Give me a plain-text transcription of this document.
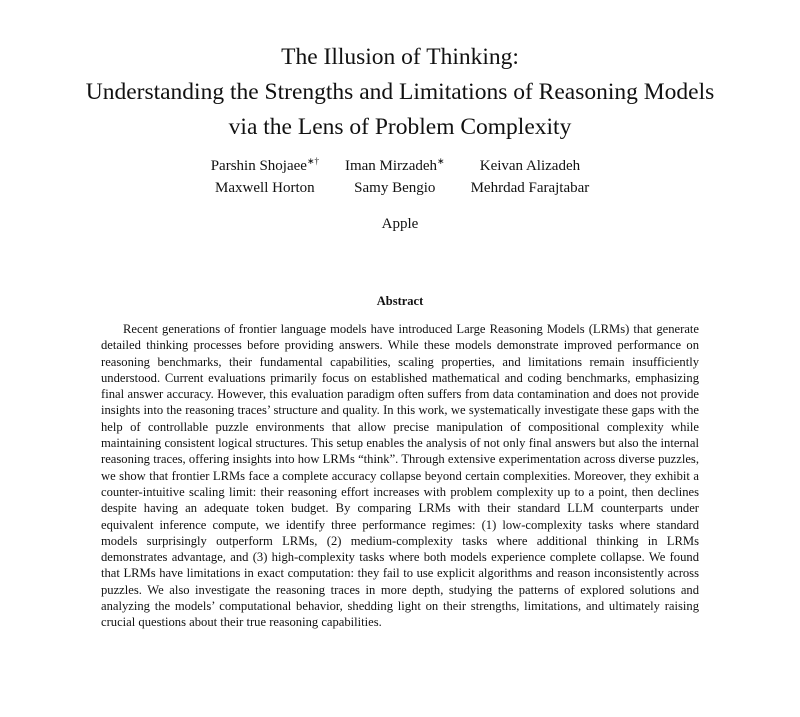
The Illusion of Thinking:
Understanding the Strengths and Limitations of Reasoning Models
via the Lens of Problem Complexity
Parshin Shojaee∗†
Maxwell Horton
Iman Mirzadeh∗
Samy Bengio
Keivan Alizadeh
Mehrdad Farajtabar
Apple
Abstract

Recent generations of frontier language models have introduced Large Reasoning Models (LRMs) that generate detailed thinking processes before providing answers. While these models demonstrate improved performance on reasoning benchmarks, their fundamental capabilities, scaling properties, and limitations remain insufficiently understood. Current evaluations primarily focus on established mathematical and coding benchmarks, emphasizing final answer accuracy. However, this evaluation paradigm often suffers from data contamination and does not provide insights into the reasoning traces’ structure and quality. In this work, we systematically investigate these gaps with the help of controllable puzzle environments that allow precise manipulation of compositional complexity while maintaining consistent logical structures. This setup enables the analysis of not only final answers but also the internal reasoning traces, offering insights into how LRMs “think”. Through extensive experimentation across diverse puzzles, we show that frontier LRMs face a complete accuracy collapse beyond certain complexities. Moreover, they exhibit a counter-intuitive scaling limit: their reasoning effort increases with problem complexity up to a point, then declines despite having an adequate token budget. By comparing LRMs with their standard LLM counterparts under equivalent inference compute, we identify three performance regimes: (1) low-complexity tasks where standard models surprisingly outperform LRMs, (2) medium-complexity tasks where additional thinking in LRMs demonstrates advantage, and (3) high-complexity tasks where both models experience complete collapse. We found that LRMs have limitations in exact computation: they fail to use explicit algorithms and reason inconsistently across puzzles. We also investigate the reasoning traces in more depth, studying the patterns of explored solutions and analyzing the models’ computational behavior, shedding light on their strengths, limitations, and ultimately raising crucial questions about their true reasoning capabilities.
